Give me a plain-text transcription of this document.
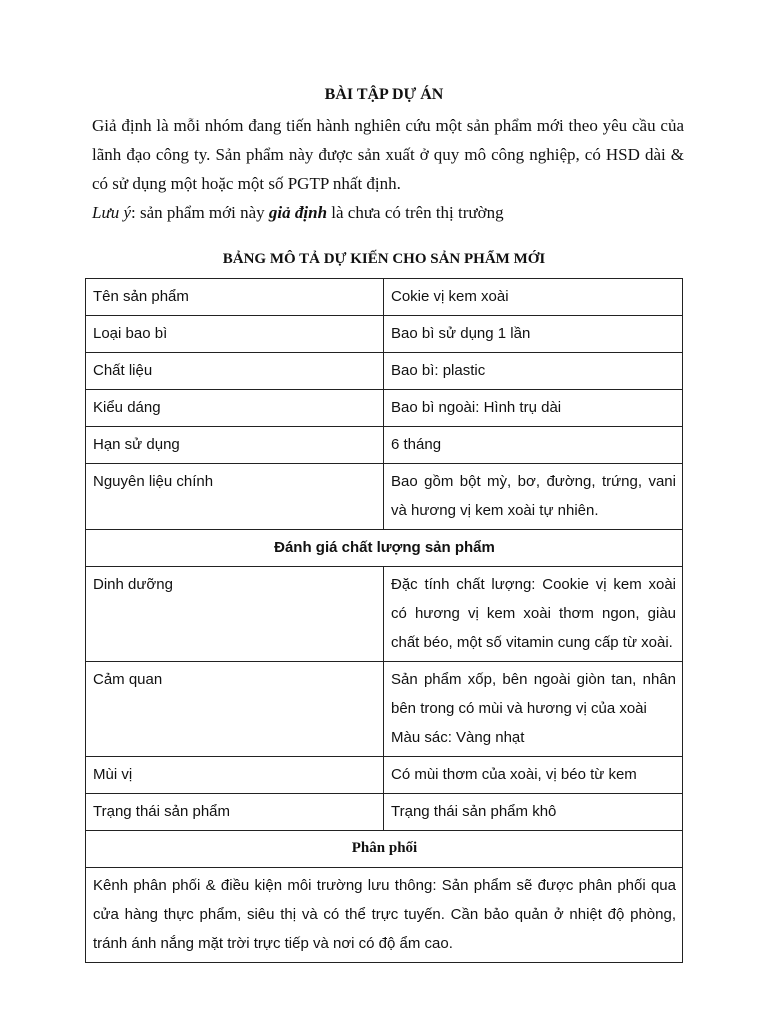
BÀI TẬP DỰ ÁN

Giả định là mỗi nhóm đang tiến hành nghiên cứu một sản phẩm mới theo yêu cầu của lãnh đạo công ty. Sản phẩm này được sản xuất ở quy mô công nghiệp, có HSD dài & có sử dụng một hoặc một số PGTP nhất định.

Lưu ý: sản phẩm mới này giả định là chưa có trên thị trường

BẢNG MÔ TẢ DỰ KIẾN CHO SẢN PHẨM MỚI
Tên sản phẩm	Cokie vị kem xoài
Loại bao bì	Bao bì sử dụng 1 lần
Chất liệu	Bao bì: plastic
Kiểu dáng	Bao bì ngoài: Hình trụ dài
Hạn sử dụng	6 tháng
Nguyên liệu chính	Bao gồm bột mỳ, bơ, đường, trứng, vani và hương vị kem xoài tự nhiên.
Đánh giá chất lượng sản phẩm	
Dinh dưỡng	Đặc tính chất lượng: Cookie vị kem xoài có hương vị kem xoài thơm ngon, giàu chất béo, một số vitamin cung cấp từ xoài.
Cảm quan	Sản phẩm xốp, bên ngoài giòn tan, nhân bên trong có mùi và hương vị của xoài
Màu sác: Vàng nhạt

Mùi vị	Có mùi thơm của xoài, vị béo từ kem
Trạng thái sản phẩm	Trạng thái sản phẩm khô
Phân phối	
Kênh phân phối & điều kiện môi trường lưu thông: Sản phẩm sẽ được phân phối qua cửa hàng thực phẩm, siêu thị và có thể trực tuyến. Cần bảo quản ở nhiệt độ phòng, tránh ánh nắng mặt trời trực tiếp và nơi có độ ẩm cao.	
